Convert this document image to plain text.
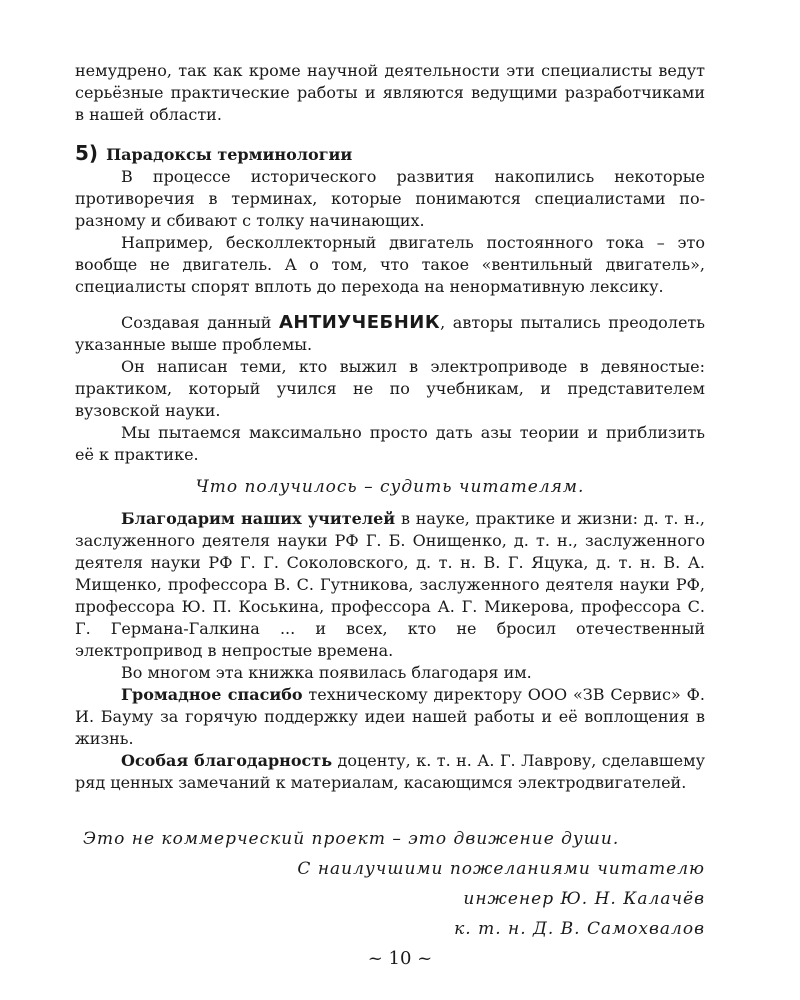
немудрено, так как кроме научной деятельности эти специалисты ведут серьёзные практические работы и являются ведущими разработчиками в нашей области.

5) Парадоксы терминологии

В процессе исторического развития накопились некоторые противоречия в терминах, которые понимаются специалистами по-разному и сбивают с толку начинающих.

Например, бесколлекторный двигатель постоянного тока – это вообще не двигатель. А о том, что такое «вентильный двигатель», специалисты спорят вплоть до перехода на ненормативную лексику.

Создавая данный АНТИУЧЕБНИК, авторы пытались преодолеть указанные выше проблемы.

Он написан теми, кто выжил в электроприводе в девяностые: практиком, который учился не по учебникам, и представителем вузовской науки.

Мы пытаемся максимально просто дать азы теории и приблизить её к практике.

Что получилось – судить читателям.

Благодарим наших учителей в науке, практике и жизни: д. т. н., заслуженного деятеля науки РФ Г. Б. Онищенко, д. т. н., заслуженного деятеля науки РФ Г. Г. Соколовского, д. т. н. В. Г. Яцука, д. т. н. В. А. Мищенко, профессора В. С. Гутникова, заслуженного деятеля науки РФ, профессора Ю. П. Коськина, профессора А. Г. Микерова, профессора С. Г. Германа-Галкина ... и всех, кто не бросил отечественный электропривод в непростые времена.

Во многом эта книжка появилась благодаря им.

Громадное спасибо техническому директору ООО «ЗВ Сервис» Ф. И. Бауму за горячую поддержку идеи нашей работы и её воплощения в жизнь.

Особая благодарность доценту, к. т. н. А. Г. Лаврову, сделавшему ряд ценных замечаний к материалам, касающимся электродвигателей.

Это не коммерческий проект – это движение души.
С наилучшими пожеланиями читателю
инженер Ю. Н. Калачёв
к. т. н. Д. В. Самохвалов
~ 10 ~
